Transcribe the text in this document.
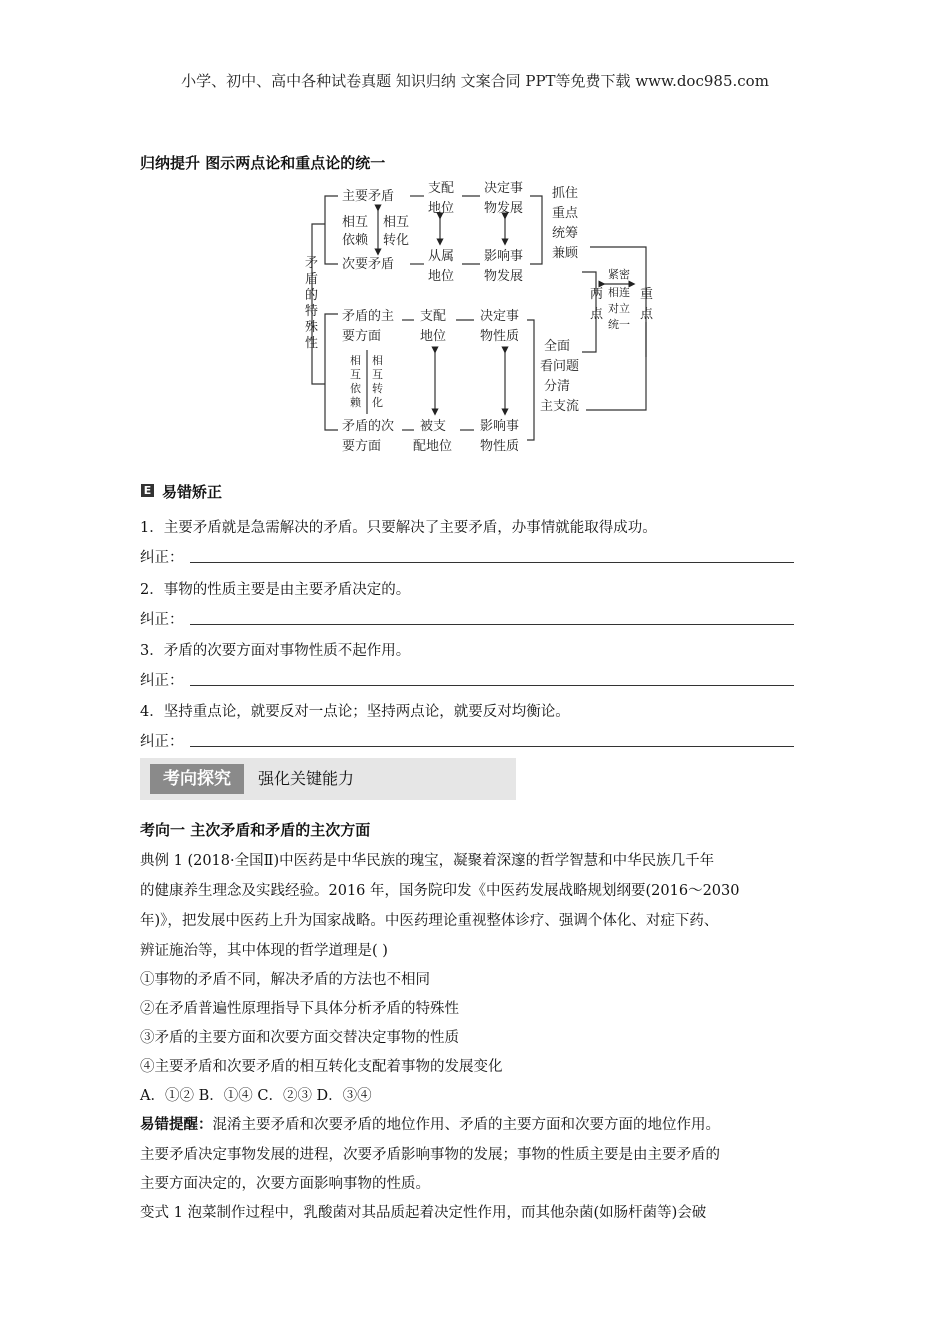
小学、初中、高中各种试卷真题 知识归纳 文案合同 PPT等免费下载 www.doc985.com
归纳提升 图示两点论和重点论的统一
矛
盾
的
特
殊
性
主要矛盾
次要矛盾
相互
依赖
相互
转化
支配
地位
从属
地位
决定事
物发展
影响事
物发展
抓住
重点
统筹
兼顾
矛盾的主
要方面
矛盾的次
要方面
相
互
依
赖
相
互
转
化
支配
地位
被支
配地位
决定事
物性质
影响事
物性质
全面
看问题
分清
主支流
两
点
重
点
紧密
相连
对立
统一
E 易错矫正
1．主要矛盾就是急需解决的矛盾。只要解决了主要矛盾，办事情就能取得成功。
纠正：
2．事物的性质主要是由主要矛盾决定的。
纠正：
3．矛盾的次要方面对事物性质不起作用。
纠正：
4．坚持重点论，就要反对一点论；坚持两点论，就要反对均衡论。
纠正：
考向探究	强化关键能力
考向一 主次矛盾和矛盾的主次方面
典例 1 (2018·全国Ⅱ)中医药是中华民族的瑰宝，凝聚着深邃的哲学智慧和中华民族几千年
的健康养生理念及实践经验。2016 年，国务院印发《中医药发展战略规划纲要(2016～2030
年)》，把发展中医药上升为国家战略。中医药理论重视整体诊疗、强调个体化、对症下药、
辨证施治等，其中体现的哲学道理是( )
①事物的矛盾不同，解决矛盾的方法也不相同
②在矛盾普遍性原理指导下具体分析矛盾的特殊性
③矛盾的主要方面和次要方面交替决定事物的性质
④主要矛盾和次要矛盾的相互转化支配着事物的发展变化
A．①② B．①④ C．②③ D．③④
易错提醒：混淆主要矛盾和次要矛盾的地位作用、矛盾的主要方面和次要方面的地位作用。
主要矛盾决定事物发展的进程，次要矛盾影响事物的发展；事物的性质主要是由主要矛盾的
主要方面决定的，次要方面影响事物的性质。
变式 1 泡菜制作过程中，乳酸菌对其品质起着决定性作用，而其他杂菌(如肠杆菌等)会破
